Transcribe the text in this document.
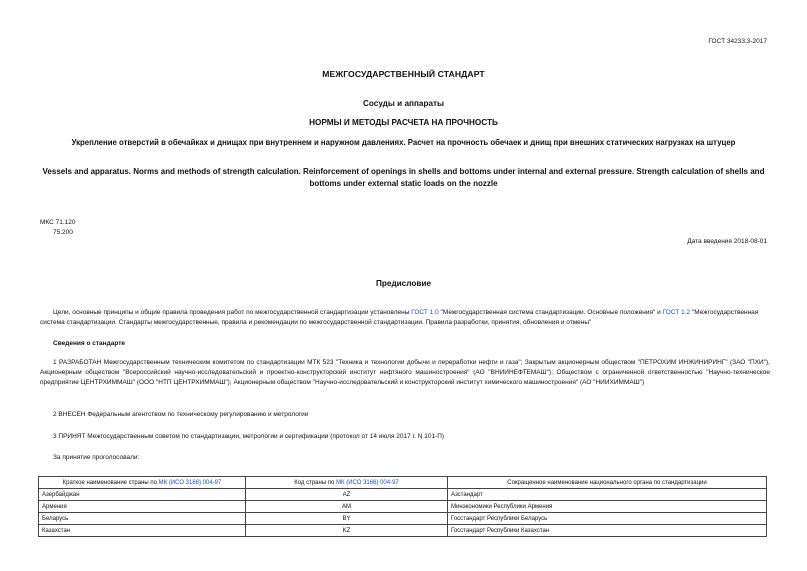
ГОСТ 34233.3-2017
МЕЖГОСУДАРСТВЕННЫЙ СТАНДАРТ
Сосуды и аппараты
НОРМЫ И МЕТОДЫ РАСЧЕТА НА ПРОЧНОСТЬ
Укрепление отверстий в обечайках и днищах при внутреннем и наружном давлениях. Расчет на прочность обечаек и днищ при внешних статических нагрузках на штуцер
Vessels and apparatus. Norms and methods of strength calculation. Reinforcement of openings in shells and bottoms under internal and external pressure. Strength calculation of shells and bottoms under external static loads on the nozzle
МКС 71.120
75.200
Дата введения 2018-08-01
Предисловие
Цели, основные принципы и общие правила проведения работ по межгосударственной стандартизации установлены ГОСТ 1.0 "Межгосударственная система стандартизации. Основные положения" и ГОСТ 1.2 "Межгосударственная система стандартизации. Стандарты межгосударственные, правила и рекомендации по межгосударственной стандартизации. Правила разработки, принятия, обновления и отмены"
Сведения о стандарте
1 РАЗРАБОТАН Межгосударственным техническим комитетом по стандартизации МТК 523 "Техника и технологии добычи и переработки нефти и газа"; Закрытым акционерным обществом "ПЕТРОХИМ ИНЖИНИРИНГ" (ЗАО "ПХИ"), Акционерным обществом "Всероссийский научно-исследовательский и проектно-конструкторский институт нефтяного машиностроения" (АО "ВНИИНЕФТЕМАШ"); Обществом с ограниченной ответственностью "Научно-техническое предприятие ЦЕНТРХИММАШ" (ООО "НТП ЦЕНТРХИММАШ"); Акционерным обществом "Научно-исследовательский и конструкторский институт химического машиностроения" (АО "НИИХИММАШ")
2 ВНЕСЕН Федеральным агентством по техническому регулированию и метрологии
3 ПРИНЯТ Межгосударственным советом по стандартизации, метрологии и сертификации (протокол от 14 июля 2017 г. N 101-П)
За принятие проголосовали:
Краткое наименование страны по МК (ИСО 3166) 004-97	Код страны по МК (ИСО 3166) 004-97	Сокращенное наименование национального органа по стандартизации
Азербайджан	AZ	Азстандарт
Армения	AM	Минэкономики Республики Армения
Беларусь	BY	Госстандарт Республики Беларусь
Казахстан	KZ	Госстандарт Республики Казахстан
